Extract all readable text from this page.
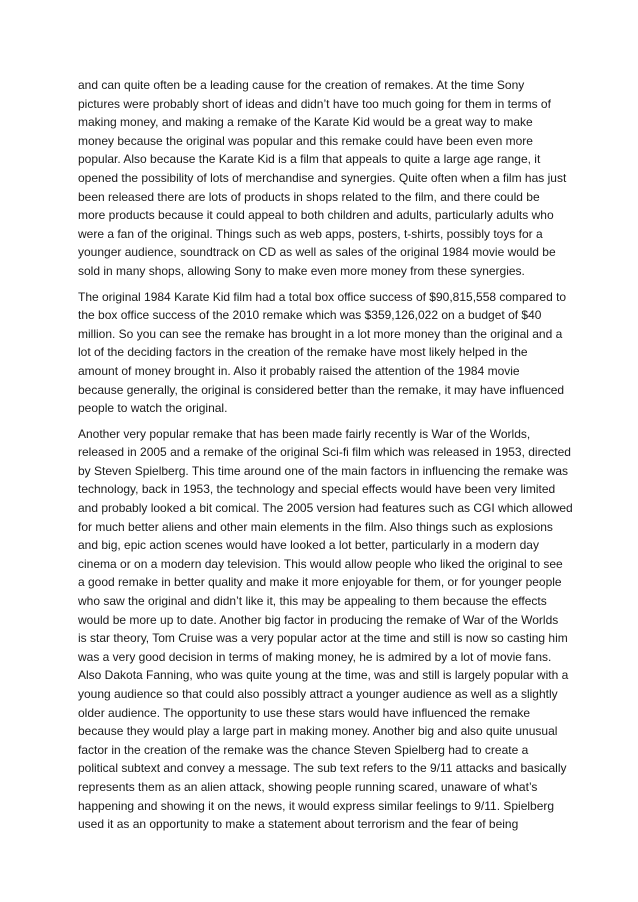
and can quite often be a leading cause for the creation of remakes. At the time Sony
pictures were probably short of ideas and didn’t have too much going for them in terms of
making money, and making a remake of the Karate Kid would be a great way to make
money because the original was popular and this remake could have been even more
popular. Also because the Karate Kid is a film that appeals to quite a large age range, it
opened the possibility of lots of merchandise and synergies. Quite often when a film has just
been released there are lots of products in shops related to the film, and there could be
more products because it could appeal to both children and adults, particularly adults who
were a fan of the original. Things such as web apps, posters, t-shirts, possibly toys for a
younger audience, soundtrack on CD as well as sales of the original 1984 movie would be
sold in many shops, allowing Sony to make even more money from these synergies.

The original 1984 Karate Kid film had a total box office success of $90,815,558 compared to
the box office success of the 2010 remake which was $359,126,022 on a budget of $40
million. So you can see the remake has brought in a lot more money than the original and a
lot of the deciding factors in the creation of the remake have most likely helped in the
amount of money brought in. Also it probably raised the attention of the 1984 movie
because generally, the original is considered better than the remake, it may have influenced
people to watch the original.

Another very popular remake that has been made fairly recently is War of the Worlds,
released in 2005 and a remake of the original Sci-fi film which was released in 1953, directed
by Steven Spielberg. This time around one of the main factors in influencing the remake was
technology, back in 1953, the technology and special effects would have been very limited
and probably looked a bit comical. The 2005 version had features such as CGI which allowed
for much better aliens and other main elements in the film. Also things such as explosions
and big, epic action scenes would have looked a lot better, particularly in a modern day
cinema or on a modern day television. This would allow people who liked the original to see
a good remake in better quality and make it more enjoyable for them, or for younger people
who saw the original and didn’t like it, this may be appealing to them because the effects
would be more up to date. Another big factor in producing the remake of War of the Worlds
is star theory, Tom Cruise was a very popular actor at the time and still is now so casting him
was a very good decision in terms of making money, he is admired by a lot of movie fans.
Also Dakota Fanning, who was quite young at the time, was and still is largely popular with a
young audience so that could also possibly attract a younger audience as well as a slightly
older audience. The opportunity to use these stars would have influenced the remake
because they would play a large part in making money. Another big and also quite unusual
factor in the creation of the remake was the chance Steven Spielberg had to create a
political subtext and convey a message. The sub text refers to the 9/11 attacks and basically
represents them as an alien attack, showing people running scared, unaware of what’s
happening and showing it on the news, it would express similar feelings to 9/11. Spielberg
used it as an opportunity to make a statement about terrorism and the fear of being
